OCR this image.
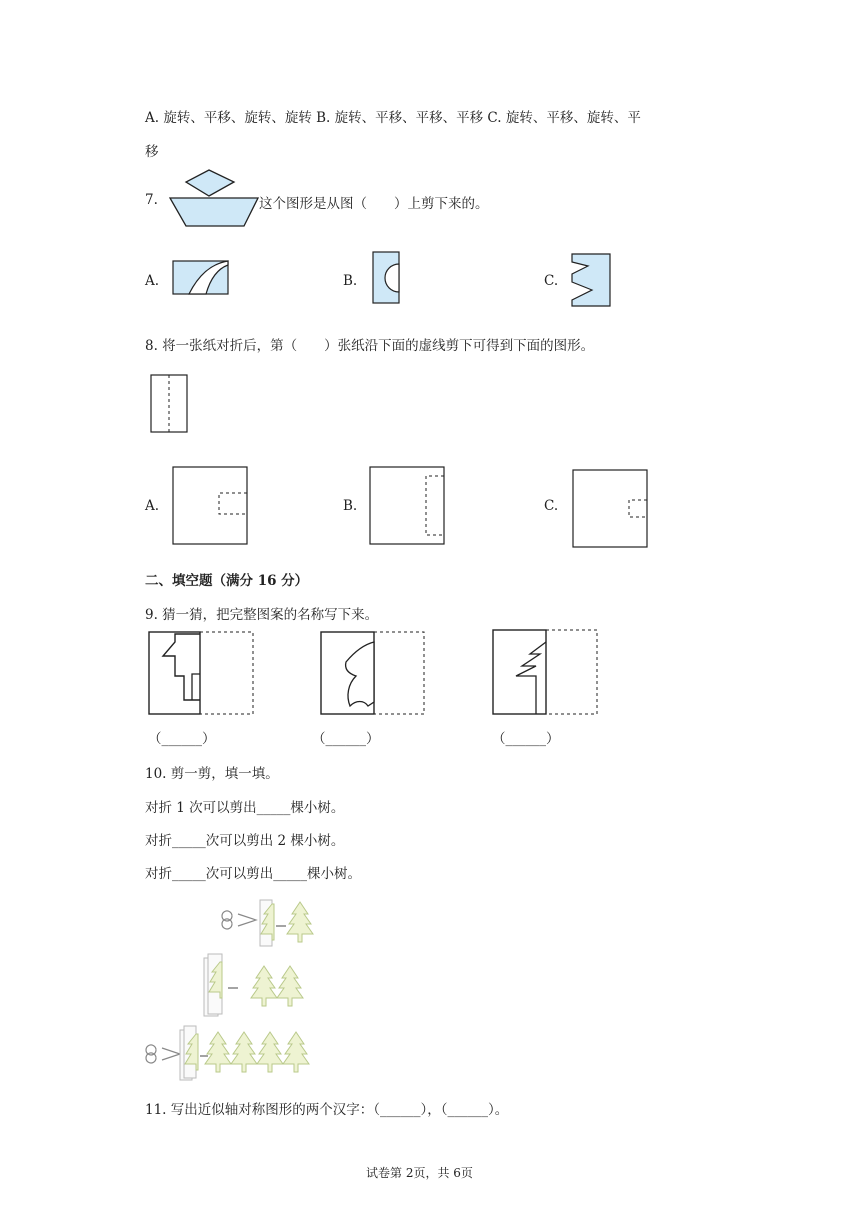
A. 旋转、平移、旋转、旋转 B. 旋转、平移、平移、平移 C. 旋转、平移、旋转、平
移
7.	这个图形是从图（　　）上剪下来的。
A.	B.	C.
8. 将一张纸对折后，第（　　）张纸沿下面的虚线剪下可得到下面的图形。
A.	B.	C.
二、填空题（满分 16 分）
9. 猜一猜，把完整图案的名称写下来。
（______）	（______）	（______）
10. 剪一剪，填一填。
对折 1 次可以剪出_____棵小树。
对折_____次可以剪出 2 棵小树。
对折_____次可以剪出_____棵小树。
11. 写出近似轴对称图形的两个汉字：（______），（______）。
试卷第 2页，共 6页
